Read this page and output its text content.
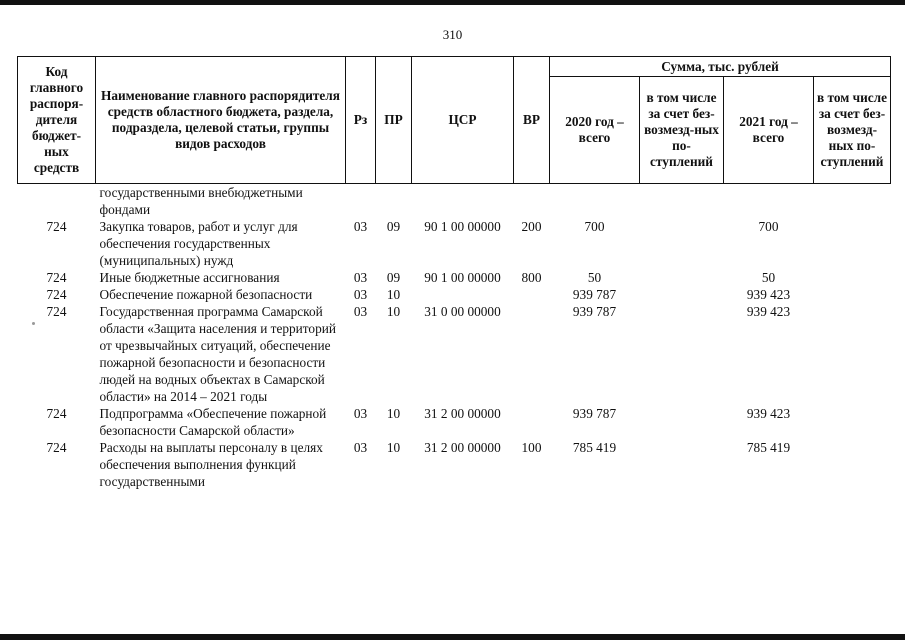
310
Код главного распоря-дителя бюджет-ных средств	Наименование главного распорядителя средств областного бюджета, раздела, подраздела, целевой статьи, группы видов расходов	Рз	ПР	ЦСР	ВР	Сумма, тыс. рублей			
						2020 год – всего	в том числе за счет без-возмезд-ных по-ступлений	2021 год – всего	в том числе за счет без-возмезд-ных по-ступлений
	государственными внебюджетными фондами								
724	Закупка товаров, работ и услуг для обеспечения государственных (муниципальных) нужд	03	09	90 1 00 00000	200	700		700	
724	Иные бюджетные ассигнования	03	09	90 1 00 00000	800	50		50	
724	Обеспечение пожарной безопасности	03	10			939 787		939 423	
724	Государственная программа Самарской области «Защита населения и территорий от чрезвычайных ситуаций, обеспечение пожарной безопасности и безопасности людей на водных объектах в Самарской области» на 2014 – 2021 годы	03	10	31 0 00 00000		939 787		939 423	
724	Подпрограмма «Обеспечение пожарной безопасности Самарской области»	03	10	31 2 00 00000		939 787		939 423	
724	Расходы на выплаты персоналу в целях обеспечения выполнения функций государственными	03	10	31 2 00 00000	100	785 419		785 419	
